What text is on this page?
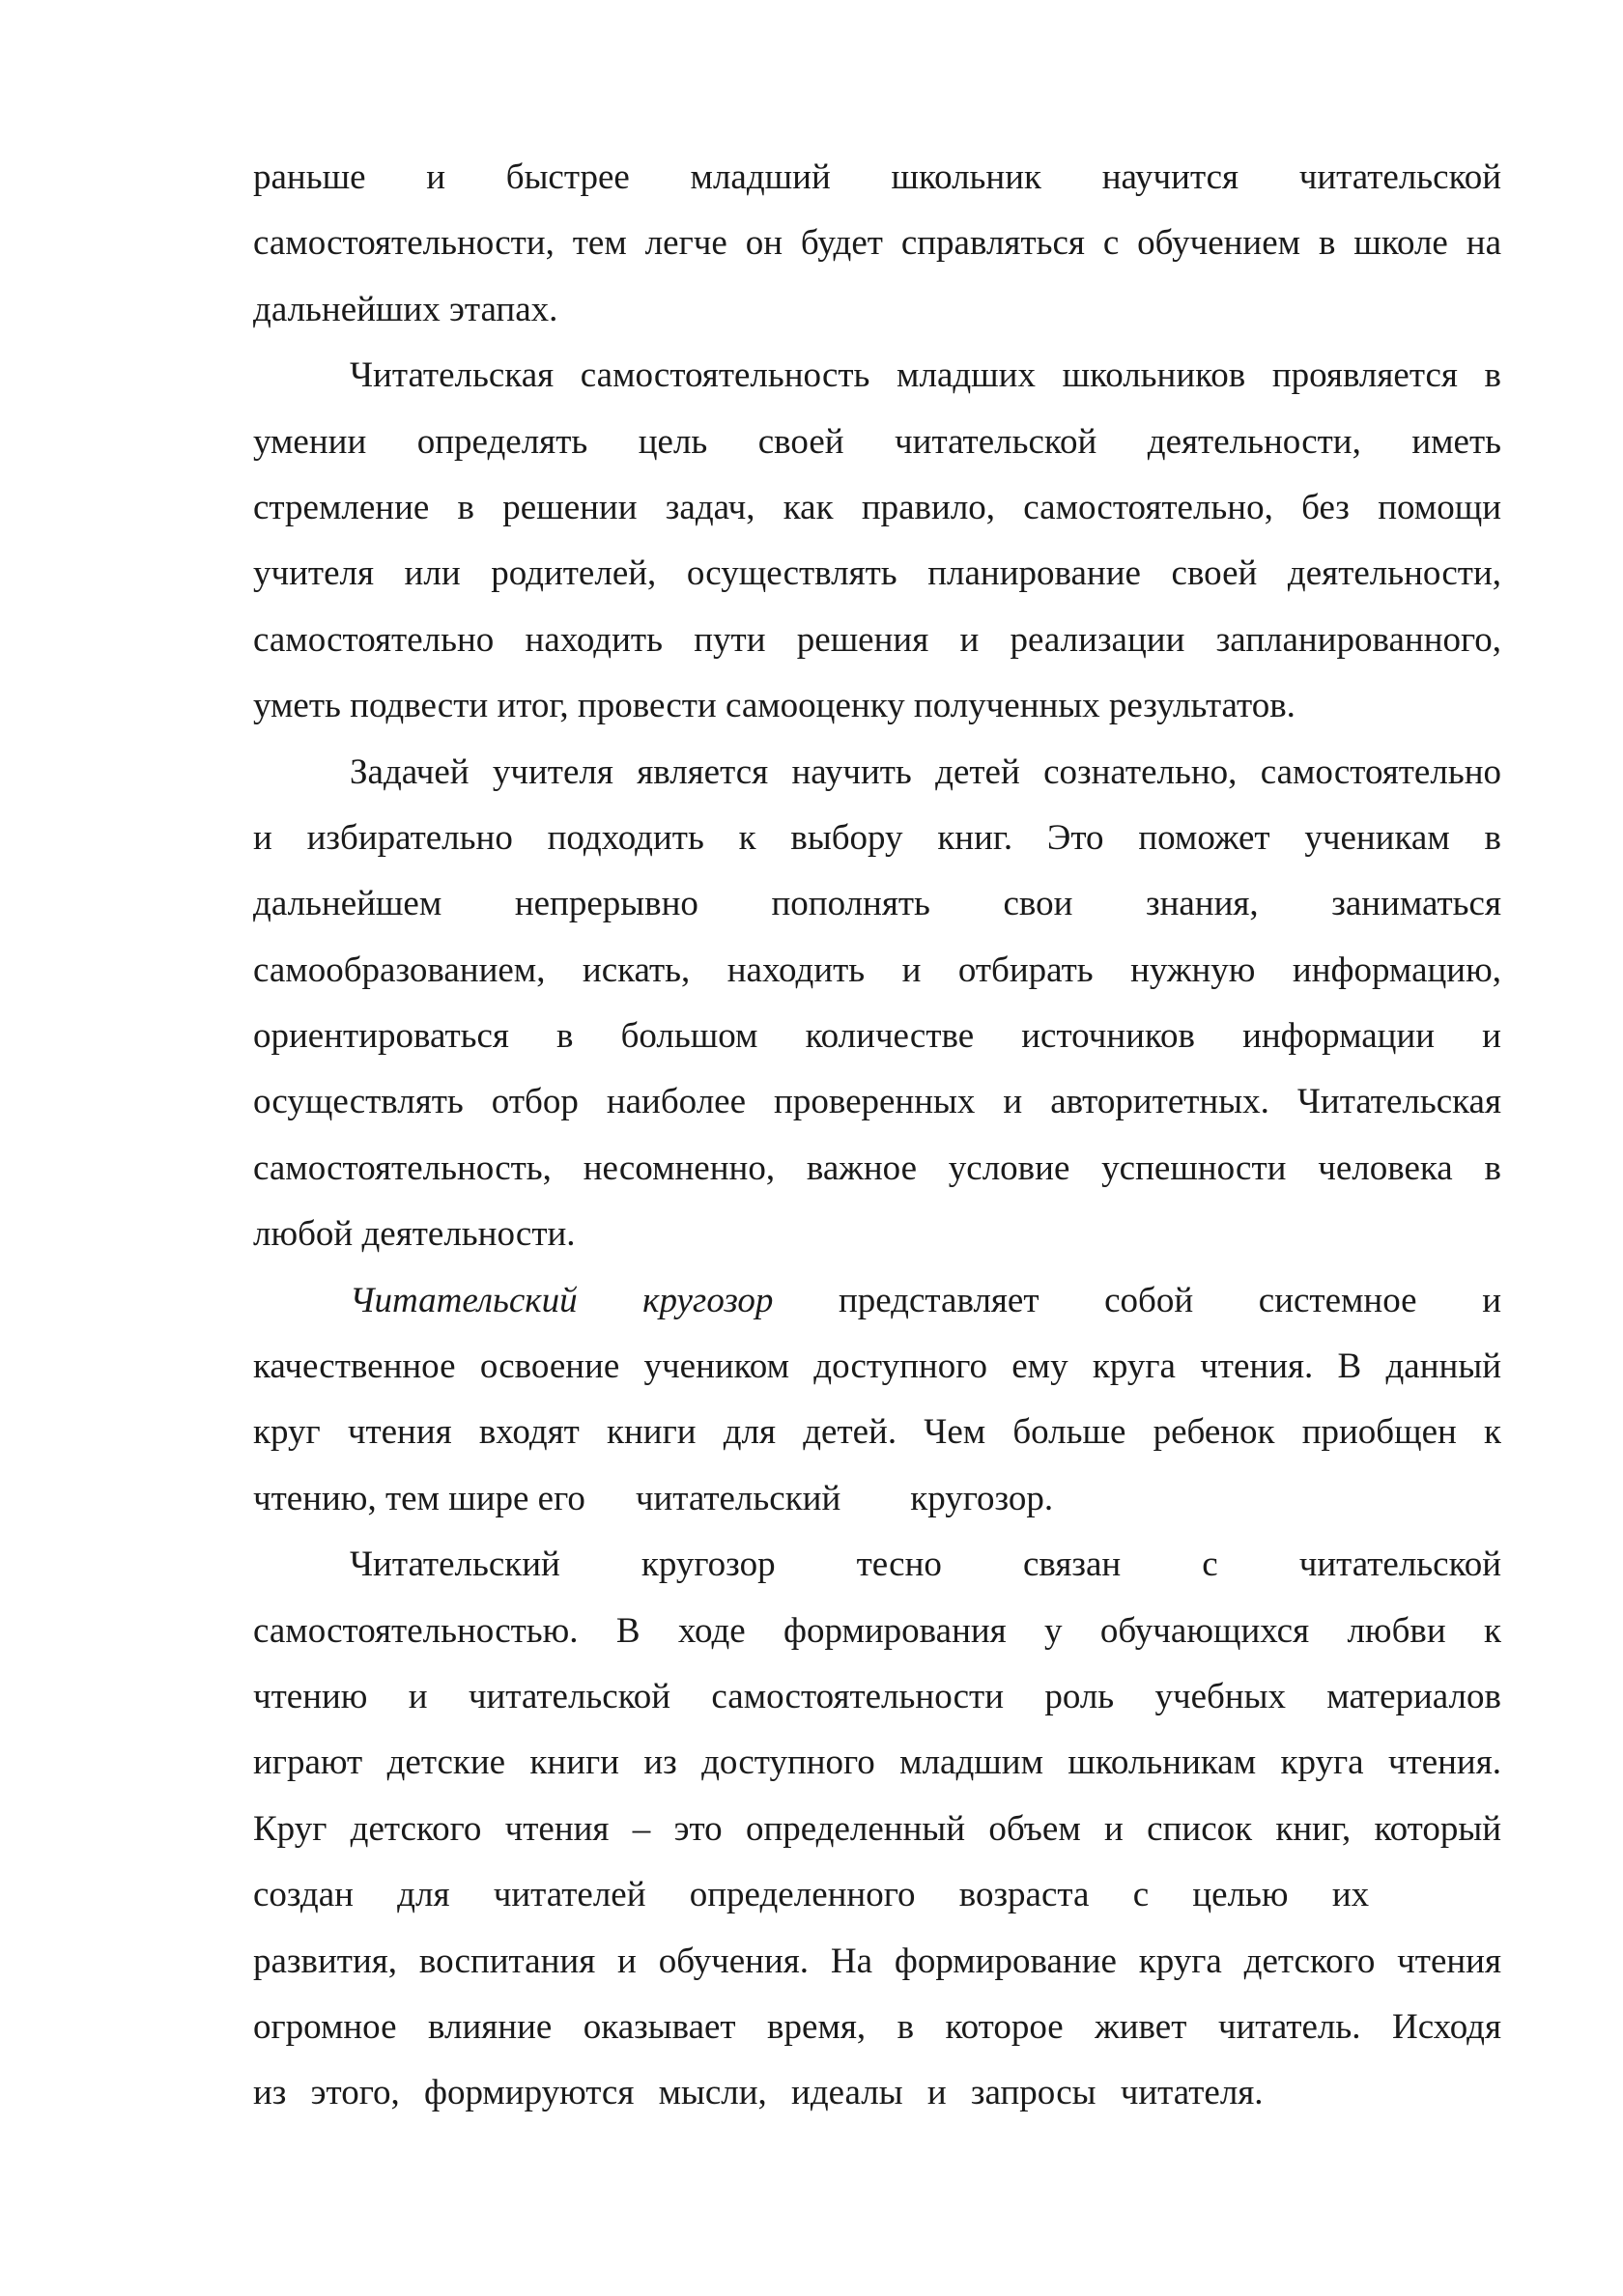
раньше и быстрее младший школьник научится читательской
самостоятельности, тем легче он будет справляться с обучением в школе на
дальнейших этапах.
Читательская самостоятельность младших школьников проявляется в
умении определять цель своей читательской деятельности, иметь
стремление в решении задач, как правило, самостоятельно, без помощи
учителя или родителей, осуществлять планирование своей деятельности,
самостоятельно находить пути решения и реализации запланированного,
уметь подвести итог, провести самооценку полученных результатов.
Задачей учителя является научить детей сознательно, самостоятельно
и избирательно подходить к выбору книг. Это поможет ученикам в
дальнейшем непрерывно пополнять свои знания, заниматься
самообразованием, искать, находить и отбирать нужную информацию,
ориентироваться в большом количестве источников информации и
осуществлять отбор наиболее проверенных и авторитетных. Читательская
самостоятельность, несомненно, важное условие успешности человека в
любой деятельности.
Читательский кругозор представляет собой системное и
качественное освоение учеником доступного ему круга чтения. В данный
круг чтения входят книги для детей. Чем больше ребенок приобщен к
чтению, тем шире его читательский кругозор.
Читательский кругозор тесно связан с читательской
самостоятельностью. В ходе формирования у обучающихся любви к
чтению и читательской самостоятельности роль учебных материалов
играют детские книги из доступного младшим школьникам круга чтения.
Круг детского чтения – это определенный объем и список книг, который
создан для читателей определенного возраста с целью их
развития, воспитания и обучения. На формирование круга детского чтения
огромное влияние оказывает время, в которое живет читатель. Исходя
из этого, формируются мысли, идеалы и запросы читателя.
